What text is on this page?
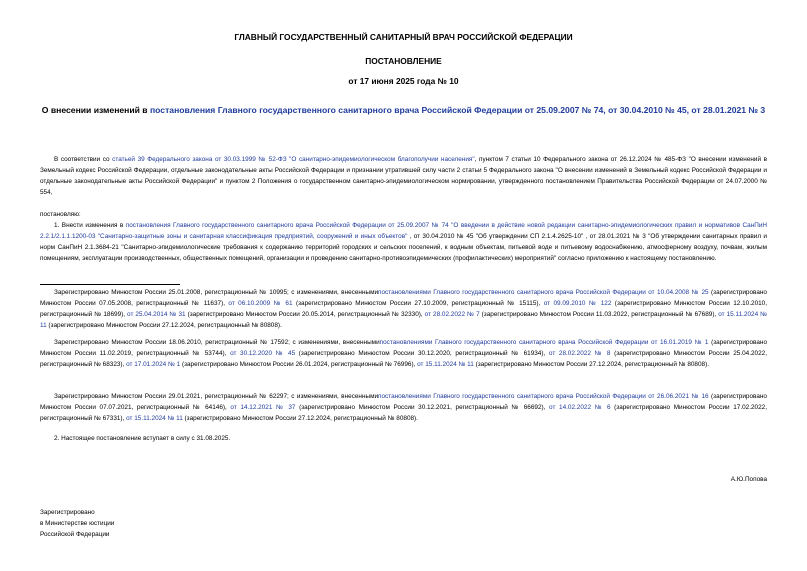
ГЛАВНЫЙ ГОСУДАРСТВЕННЫЙ САНИТАРНЫЙ ВРАЧ РОССИЙСКОЙ ФЕДЕРАЦИИ
ПОСТАНОВЛЕНИЕ
от 17 июня 2025 года № 10
О внесении изменений в постановления Главного государственного санитарного врача Российской Федерации от 25.09.2007 № 74, от 30.04.2010 № 45, от 28.01.2021 № 3
В соответствии со статьей 39 Федерального закона от 30.03.1999 № 52-ФЗ "О санитарно-эпидемиологическом благополучии населения", пунктом 7 статьи 10 Федерального закона от 26.12.2024 № 485-ФЗ "О внесении изменений в Земельный кодекс Российской Федерации, отдельные законодательные акты Российской Федерации и признании утратившей силу части 2 статьи 5 Федерального закона "О внесении изменений в Земельный кодекс Российской Федерации и отдельные законодательные акты Российской Федерации" и пунктом 2 Положения о государственном санитарно-эпидемиологическом нормировании, утвержденного постановлением Правительства Российской Федерации от 24.07.2000 № 554,
постановляю:
1. Внести изменения в постановления Главного государственного санитарного врача Российской Федерации от 25.09.2007 № 74 "О введении в действие новой редакции санитарно-эпидемиологических правил и нормативов СанПиН 2.2.1/2.1.1.1200-03 "Санитарно-защитные зоны и санитарная классификация предприятий, сооружений и иных объектов" , от 30.04.2010 № 45 "Об утверждении СП 2.1.4.2625-10" , от 28.01.2021 № 3 "Об утверждении санитарных правил и норм СанПиН 2.1.3684-21 "Санитарно-эпидемиологические требования к содержанию территорий городских и сельских поселений, к водным объектам, питьевой воде и питьевому водоснабжению, атмосферному воздуху, почвам, жилым помещениям, эксплуатации производственных, общественных помещений, организации и проведению санитарно-противоэпидемических (профилактических) мероприятий" согласно приложению к настоящему постановлению.
Зарегистрировано Минюстом России 25.01.2008, регистрационный № 10995; с изменениями, внесеннымипостановлениями Главного государственного санитарного врача Российской Федерации от 10.04.2008 № 25 (зарегистрировано Минюстом России 07.05.2008, регистрационный № 11637), от 06.10.2009 № 61 (зарегистрировано Минюстом России 27.10.2009, регистрационный № 15115), от 09.09.2010 № 122 (зарегистрировано Минюстом России 12.10.2010, регистрационный № 18699), от 25.04.2014 № 31 (зарегистрировано Минюстом России 20.05.2014, регистрационный № 32330), от 28.02.2022 № 7 (зарегистрировано Минюстом России 11.03.2022, регистрационный № 67689), от 15.11.2024 № 11 (зарегистрировано Минюстом России 27.12.2024, регистрационный № 80808).
Зарегистрировано Минюстом России 18.06.2010, регистрационный № 17592; с изменениями, внесеннымипостановлениями Главного государственного санитарного врача Российской Федерации от 16.01.2019 № 1 (зарегистрировано Минюстом России 11.02.2019, регистрационный № 53744), от 30.12.2020 № 45 (зарегистрировано Минюстом России 30.12.2020, регистрационный № 61934), от 28.02.2022 № 8 (зарегистрировано Минюстом России 25.04.2022, регистрационный № 68323), от 17.01.2024 № 1 (зарегистрировано Минюстом России 26.01.2024, регистрационный № 76996), от 15.11.2024 № 11 (зарегистрировано Минюстом России 27.12.2024, регистрационный № 80808).
Зарегистрировано Минюстом России 29.01.2021, регистрационный № 62297; с изменениями, внесеннымипостановлениями Главного государственного санитарного врача Российской Федерации от 26.06.2021 № 16 (зарегистрировано Минюстом России 07.07.2021, регистрационный № 64146), от 14.12.2021 № 37 (зарегистрировано Минюстом России 30.12.2021, регистрационный № 66692), от 14.02.2022 № 6 (зарегистрировано Минюстом России 17.02.2022, регистрационный № 67331), от 15.11.2024 № 11 (зарегистрировано Минюстом России 27.12.2024, регистрационный № 80808).
2. Настоящее постановление вступает в силу с 31.08.2025.
А.Ю.Попова
Зарегистрировано
в Министерстве юстиции
Российской Федерации
